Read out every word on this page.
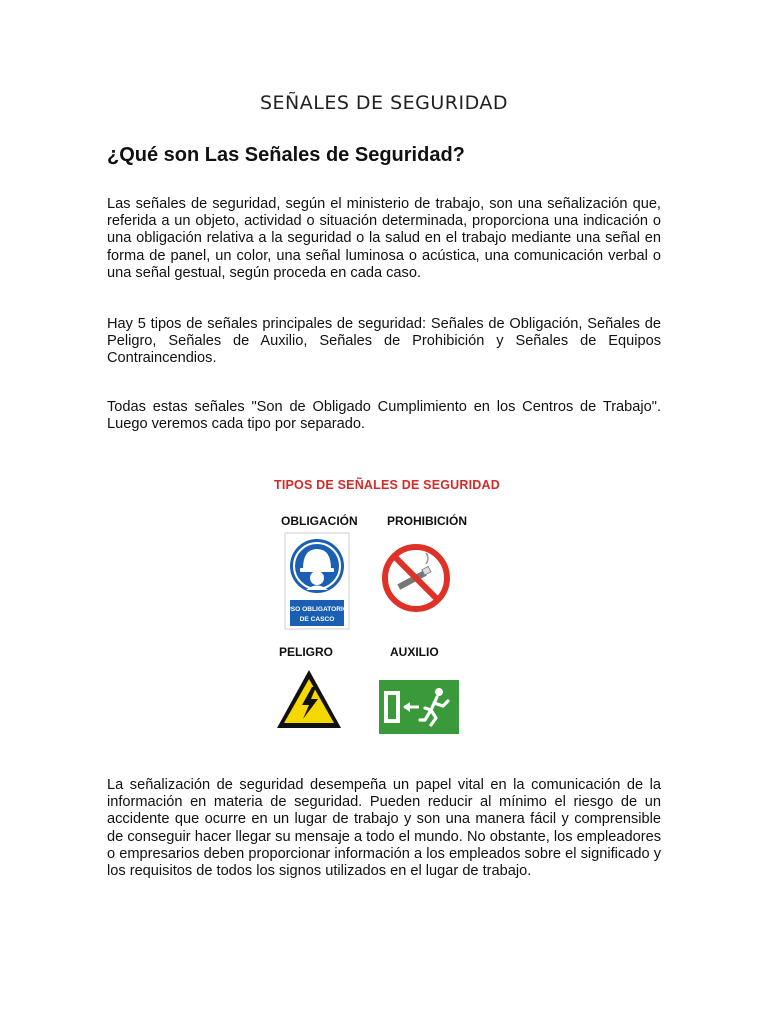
SEÑALES DE SEGURIDAD
¿Qué son Las Señales de Seguridad?

Las señales de seguridad, según el ministerio de trabajo, son una señalización que, referida a un objeto, actividad o situación determinada, proporciona una indicación o una obligación relativa a la seguridad o la salud en el trabajo mediante una señal en forma de panel, un color, una señal luminosa o acústica, una comunicación verbal o una señal gestual, según proceda en cada caso.

Hay 5 tipos de señales principales de seguridad: Señales de Obligación, Señales de Peligro, Señales de Auxilio, Señales de Prohibición y Señales de Equipos Contraincendios.

Todas estas señales "Son de Obligado Cumplimiento en los Centros de Trabajo". Luego veremos cada tipo por separado.

TIPOS DE SEÑALES DE SEGURIDAD
OBLIGACIÓN PROHIBICIÓN
USO OBLIGATORIO
DE CASCO
PELIGRO	AUXILIO

La señalización de seguridad desempeña un papel vital en la comunicación de la información en materia de seguridad. Pueden reducir al mínimo el riesgo de un accidente que ocurre en un lugar de trabajo y son una manera fácil y comprensible de conseguir hacer llegar su mensaje a todo el mundo. No obstante, los empleadores o empresarios deben proporcionar información a los empleados sobre el significado y los requisitos de todos los signos utilizados en el lugar de trabajo.
